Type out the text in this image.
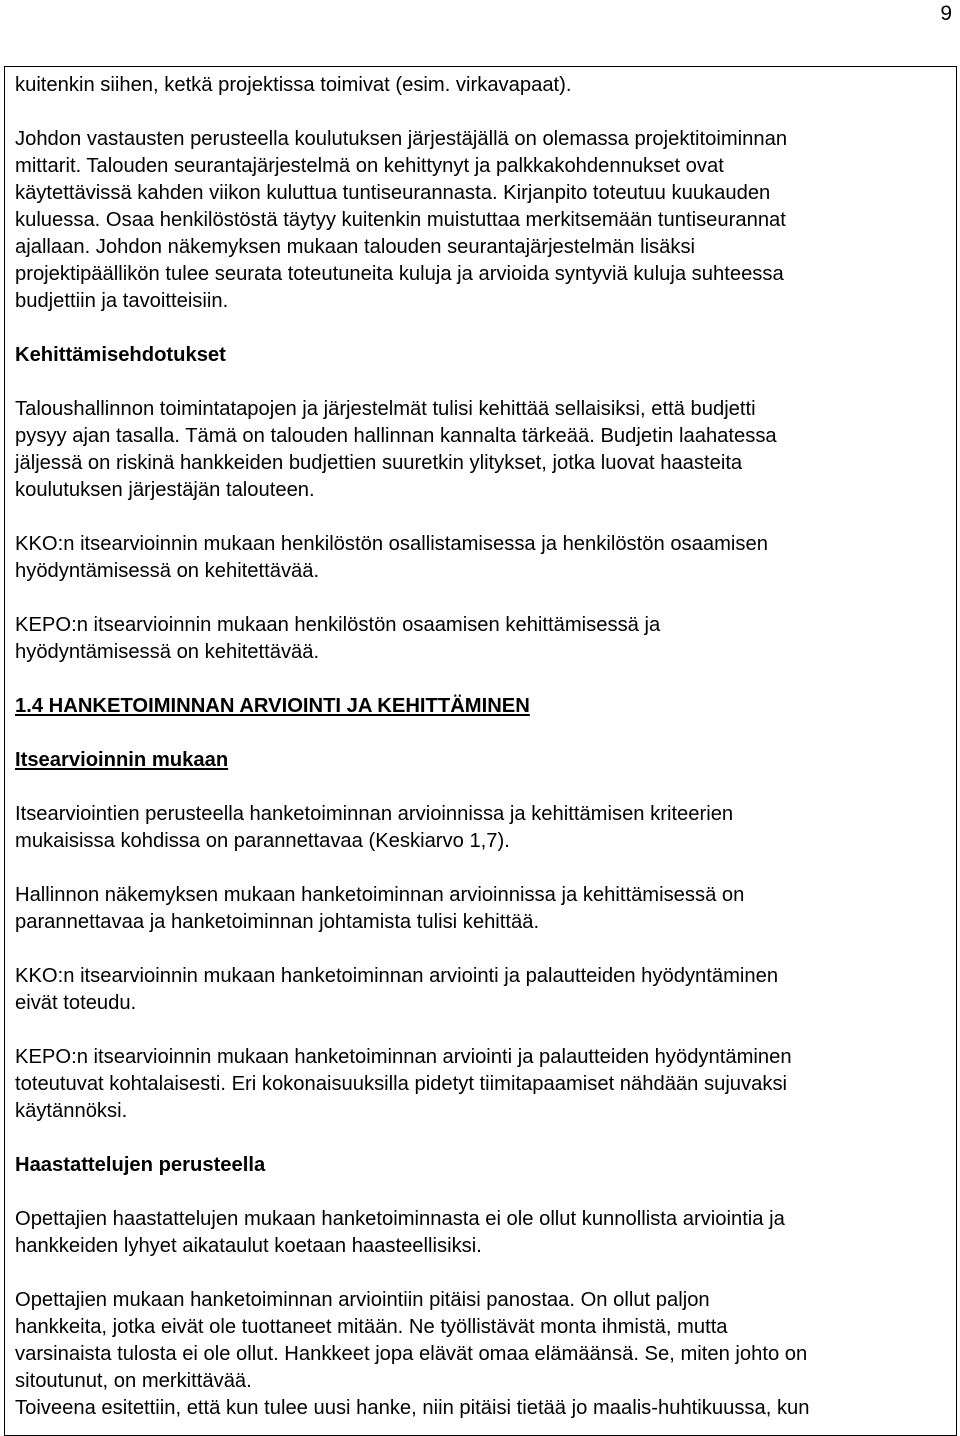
9

kuitenkin siihen, ketkä projektissa toimivat (esim. virkavapaat).

Johdon vastausten perusteella koulutuksen järjestäjällä on olemassa projektitoiminnan
mittarit. Talouden seurantajärjestelmä on kehittynyt ja palkkakohdennukset ovat
käytettävissä kahden viikon kuluttua tuntiseurannasta. Kirjanpito toteutuu kuukauden
kuluessa. Osaa henkilöstöstä täytyy kuitenkin muistuttaa merkitsemään tuntiseurannat
ajallaan. Johdon näkemyksen mukaan talouden seurantajärjestelmän lisäksi
projektipäällikön tulee seurata toteutuneita kuluja ja arvioida syntyviä kuluja suhteessa
budjettiin ja tavoitteisiin.

Kehittämisehdotukset

Taloushallinnon toimintatapojen ja järjestelmät tulisi kehittää sellaisiksi, että budjetti
pysyy ajan tasalla. Tämä on talouden hallinnan kannalta tärkeää. Budjetin laahatessa
jäljessä on riskinä hankkeiden budjettien suuretkin ylitykset, jotka luovat haasteita
koulutuksen järjestäjän talouteen.

KKO:n itsearvioinnin mukaan henkilöstön osallistamisessa ja henkilöstön osaamisen
hyödyntämisessä on kehitettävää.

KEPO:n itsearvioinnin mukaan henkilöstön osaamisen kehittämisessä ja
hyödyntämisessä on kehitettävää.

1.4 HANKETOIMINNAN ARVIOINTI JA KEHITTÄMINEN

Itsearvioinnin mukaan

Itsearviointien perusteella hanketoiminnan arvioinnissa ja kehittämisen kriteerien
mukaisissa kohdissa on parannettavaa (Keskiarvo 1,7).

Hallinnon näkemyksen mukaan hanketoiminnan arvioinnissa ja kehittämisessä on
parannettavaa ja hanketoiminnan johtamista tulisi kehittää.

KKO:n itsearvioinnin mukaan hanketoiminnan arviointi ja palautteiden hyödyntäminen
eivät toteudu.

KEPO:n itsearvioinnin mukaan hanketoiminnan arviointi ja palautteiden hyödyntäminen
toteutuvat kohtalaisesti. Eri kokonaisuuksilla pidetyt tiimitapaamiset nähdään sujuvaksi
käytännöksi.

Haastattelujen perusteella

Opettajien haastattelujen mukaan hanketoiminnasta ei ole ollut kunnollista arviointia ja
hankkeiden lyhyet aikataulut koetaan haasteellisiksi.

Opettajien mukaan hanketoiminnan arviointiin pitäisi panostaa. On ollut paljon
hankkeita, jotka eivät ole tuottaneet mitään. Ne työllistävät monta ihmistä, mutta
varsinaista tulosta ei ole ollut. Hankkeet jopa elävät omaa elämäänsä. Se, miten johto on
sitoutunut, on merkittävää.

Toiveena esitettiin, että kun tulee uusi hanke, niin pitäisi tietää jo maalis-huhtikuussa, kun
